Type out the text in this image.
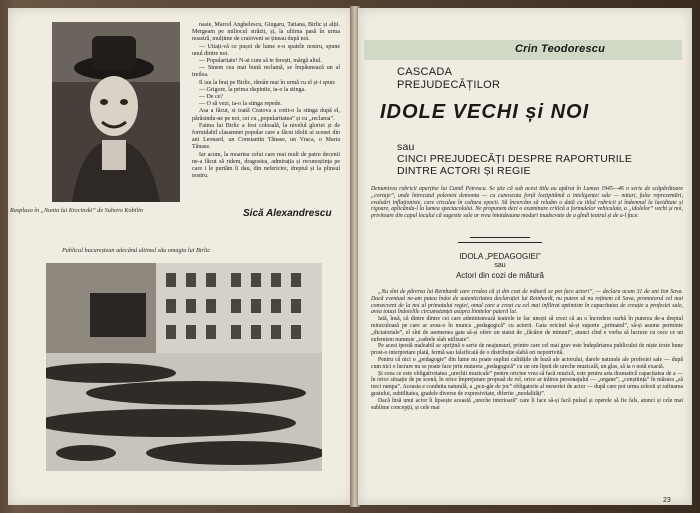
Rasplaso în „Nunta lui Krecinski” de Suhovo Kobilin

nasie, Marcel Anghelescu, Giugaru, Tatiana, Birlic și alții. Mergeam pe miliocul străzii, și, la ultima pasă în urma noastră, mulțime de craioveni se țineau după noi.

— Uitați-vă ce pușoi de lume e-o spatele nostru, spune unul dintre noi.

— Popularitate! N-ai cum să te ferești, mărgă altul.

— Sinem cea mai bună reclamă, se împăunează un al treilea.

Il iau la braț pe Birlic, rămân mai în urmă cu el și-i spun:

— Grigore, la prima răspintie, ia-o la stinga.

— De ce?

— O să vezi, ia-o la stinga repede.

Asa a făcut, si toată Craiova a cotit-o la stinga după el, părăsindu-ne pe noi, cei cu „popularitatea” și cu „reclama”.

Faima lui Birlic a fost colosală, la nivelul gloriei și de formidabil clasamnet popular care a făcut idolii ai scenei din ani Leonard, un Constantin Tănase, un Vraca, o Maria Tănase.

Iar acum, la moartea celui care mai mult de patru decenii ne-a făcut să ridem, dragostea, admirația și recunoștința pe care i le purtăm îi dau, din nefericire, dreptul și la plinsul nostru.

Sică Alexandrescu
Publicul bucureștean adecând ultimul său omagiu lui Birlic
Crin Teodorescu
CASCADA
PREJUDECĂȚILOR
IDOLE VECHI și NOI
sau
CINCI PREJUDECĂȚI DESPRE RAPORTURILE
DINTRE ACTORI ȘI REGIE
Denumirea rubricii aparține lui Camil Petrescu. Se știe că sub acest titlu au apărut în Lumea 1945—46 o serie de scăpărătoare „cortuje”, unde întrecutul polemist demonta — cu cunoscuta forță locțipitămă a inteligenței sale — mituri, false reprezentări, evaluări inflaționiste, care circulau în cultura epocii. Să încercăm să reluăm o dată cu titlul rubricii și îndemnul la luciditate și rigoare, aplicându-l la lumea spectacolului. Ne propunem deci o examinare critică a formulelor vehiculate, a „idolelor” vechi și noi, privitoare din capul locului că sugestie sale ar vrea întotdeauna moduri inadecvate de a gîndi teatrul și de a-l face.
IDOLA „PEDAGOGIEI”
sau
Actori din cozi de mătură

„Nu sînt de părerea lui Reinhardt care credea că și din cozi de mătură se pot face actori”, — declara acum 31 de ani Ion Sava. Dacă eventual ne-am putea îndoi de autenticitatea declarației lui Reinhardt, nu putem să nu reținem că Sava, promotorul cel mai consecvent de la noi al primatului regiei, omul care a creat cu cel mai infiltrat optimism în capacitatea de creație a profesiei sale, avea totuși îndoielile circumstanței asupra limitelor puterii lui.

Iată, însă, că dintre dintre cei care administrează teatrele te fac unești să crezi că au o încredere oarbă în puterea de-a dreptul miraculoasă pe care ar avea-o în munca „pedagogică” cu actorii. Gata oricind să-și suporte „primatul”, să-și asume perminte „dictatoriale”, el sînt de asemenea gata să-și ofere un statut de „făcător de minuni”, atunci cînd e vorba să lucreze cu cece ce un eufemism numește „cadrele slab utilizate”.

Pe acest ipostă maleabil se sprijină o serie de neajunsuri, printre care cel mai grav este îndepărtarea publicului de niște texte bune prost-o interpretare plată, fermă sau falsificată de o distribuție slabă ori nepotrivită.

Pentru că nici o „pedagogie” din lume nu poate suplini calitățile de bază ale actorului, darele naturale ale profesiei sale — după cum nici o lucrare nu se poate face prin mutarea „pedagogică” cu un om lipsit de ureche muzicală, un glas, să ia o notă exactă.

Și ceea ce este obligativitatea „urechii muzicale” pentru oricine vrea să facă muzică, este pentru arta dramatică capacitatea de a — în orice situație de pe scenă, în orice împrejurare propusă de rol, orice ar trăirea personajului — „organe”, „conștiința” în măsura „să treci rampa”. Aceasta e conduita naturală, a „pcu-găr de joc” obligatorie al meseriei de actor — după care pot urma zelezii și rafinarea gustului, subtilitatea, gradele diverse de expresivitate, diferite „modalități”.

Dacă însă unui actor îi lipsește această „ureche interioară” care îi face să-și facă pulsul și operele să fie fals, atunci și cele mai sublime concepții, și cele mai

23
